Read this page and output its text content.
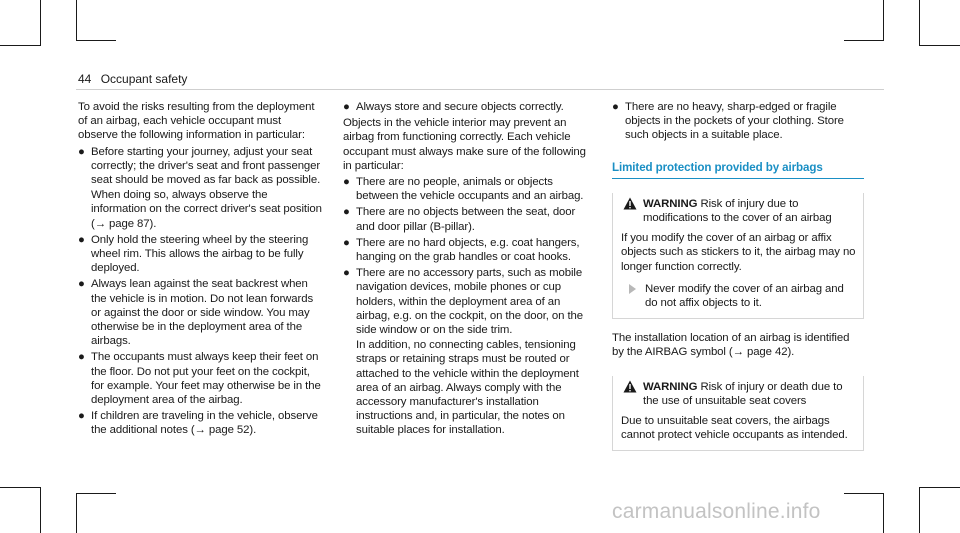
44 Occupant safety

To avoid the risks resulting from the deployment of an airbag, each vehicle occupant must observe the following information in particular:

● Before starting your journey, adjust your seat correctly; the driver's seat and front passenger seat should be moved as far back as possible.
When doing so, always observe the information on the correct driver's seat position (→ page 87).
● Only hold the steering wheel by the steering wheel rim. This allows the airbag to be fully deployed.
● Always lean against the seat backrest when the vehicle is in motion. Do not lean forwards or against the door or side window. You may otherwise be in the deployment area of the airbags.
● The occupants must always keep their feet on the floor. Do not put your feet on the cockpit, for example. Your feet may otherwise be in the deployment area of the airbag.
● If children are traveling in the vehicle, observe the additional notes (→ page 52).
● Always store and secure objects correctly.

Objects in the vehicle interior may prevent an airbag from functioning correctly. Each vehicle occupant must always make sure of the following in particular:

● There are no people, animals or objects between the vehicle occupants and an airbag.
● There are no objects between the seat, door and door pillar (B-pillar).
● There are no hard objects, e.g. coat hangers, hanging on the grab handles or coat hooks.
● There are no accessory parts, such as mobile navigation devices, mobile phones or cup holders, within the deployment area of an airbag, e.g. on the cockpit, on the door, on the side window or on the side trim.
In addition, no connecting cables, tensioning straps or retaining straps must be routed or attached to the vehicle within the deployment area of an airbag. Always comply with the accessory manufacturer's installation instructions and, in particular, the notes on suitable places for installation.
● There are no heavy, sharp-edged or fragile objects in the pockets of your clothing. Store such objects in a suitable place.
Limited protection provided by airbags
WARNING Risk of injury due to modifications to the cover of an airbag
If you modify the cover of an airbag or affix objects such as stickers to it, the airbag may no longer function correctly.
Never modify the cover of an airbag and do not affix objects to it.

The installation location of an airbag is identified by the AIRBAG symbol (→ page 42).

WARNING Risk of injury or death due to the use of unsuitable seat covers
Due to unsuitable seat covers, the airbags cannot protect vehicle occupants as intended.
carmanualsonline.info
